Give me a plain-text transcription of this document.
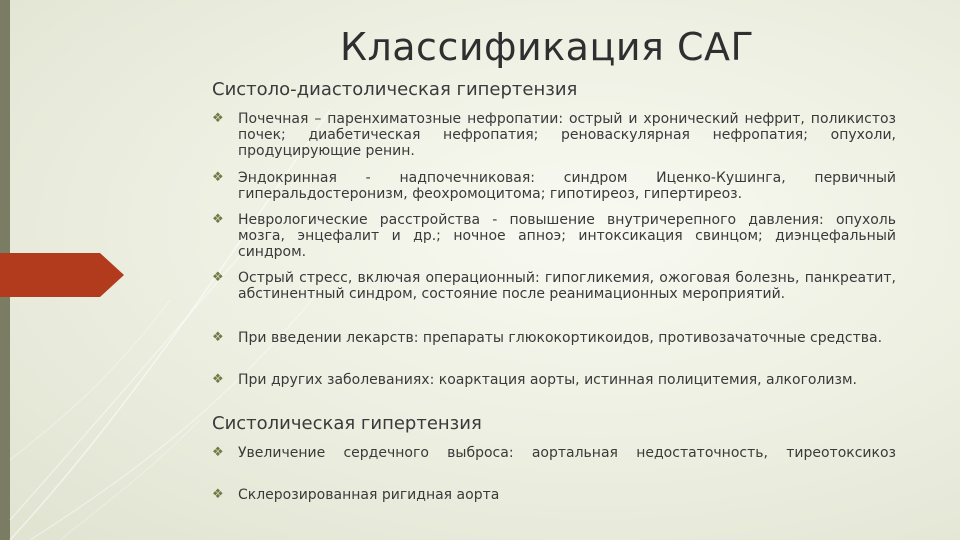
Классификация САГ
Систоло-диастолическая гипертензия
❖	Почечная – паренхиматозные нефропатии: острый и хронический нефрит, поликистоз почек; диабетическая нефропатия; реноваскулярная нефропатия; опухоли, продуцирующие ренин.

❖	Эндокринная - надпочечниковая: синдром Иценко-Кушинга, первичный гиперальдостеронизм, феохромоцитома; гипотиреоз, гипертиреоз.

❖	Неврологические расстройства - повышение внутричерепного давления: опухоль мозга, энцефалит и др.; ночное апноэ; интоксикация свинцом; диэнцефальный синдром.

❖	Острый стресс, включая операционный: гипогликемия, ожоговая болезнь, панкреатит, абстинентный синдром, состояние после реанимационных мероприятий.

❖	При введении лекарств: препараты глюкокортикоидов, противозачаточные средства.

❖	При других заболеваниях: коарктация аорты, истинная полицитемия, алкоголизм.

Систолическая гипертензия
❖	Увеличение сердечного выброса: аортальная недостаточность, тиреотоксикоз

❖	Склерозированная ригидная аорта
